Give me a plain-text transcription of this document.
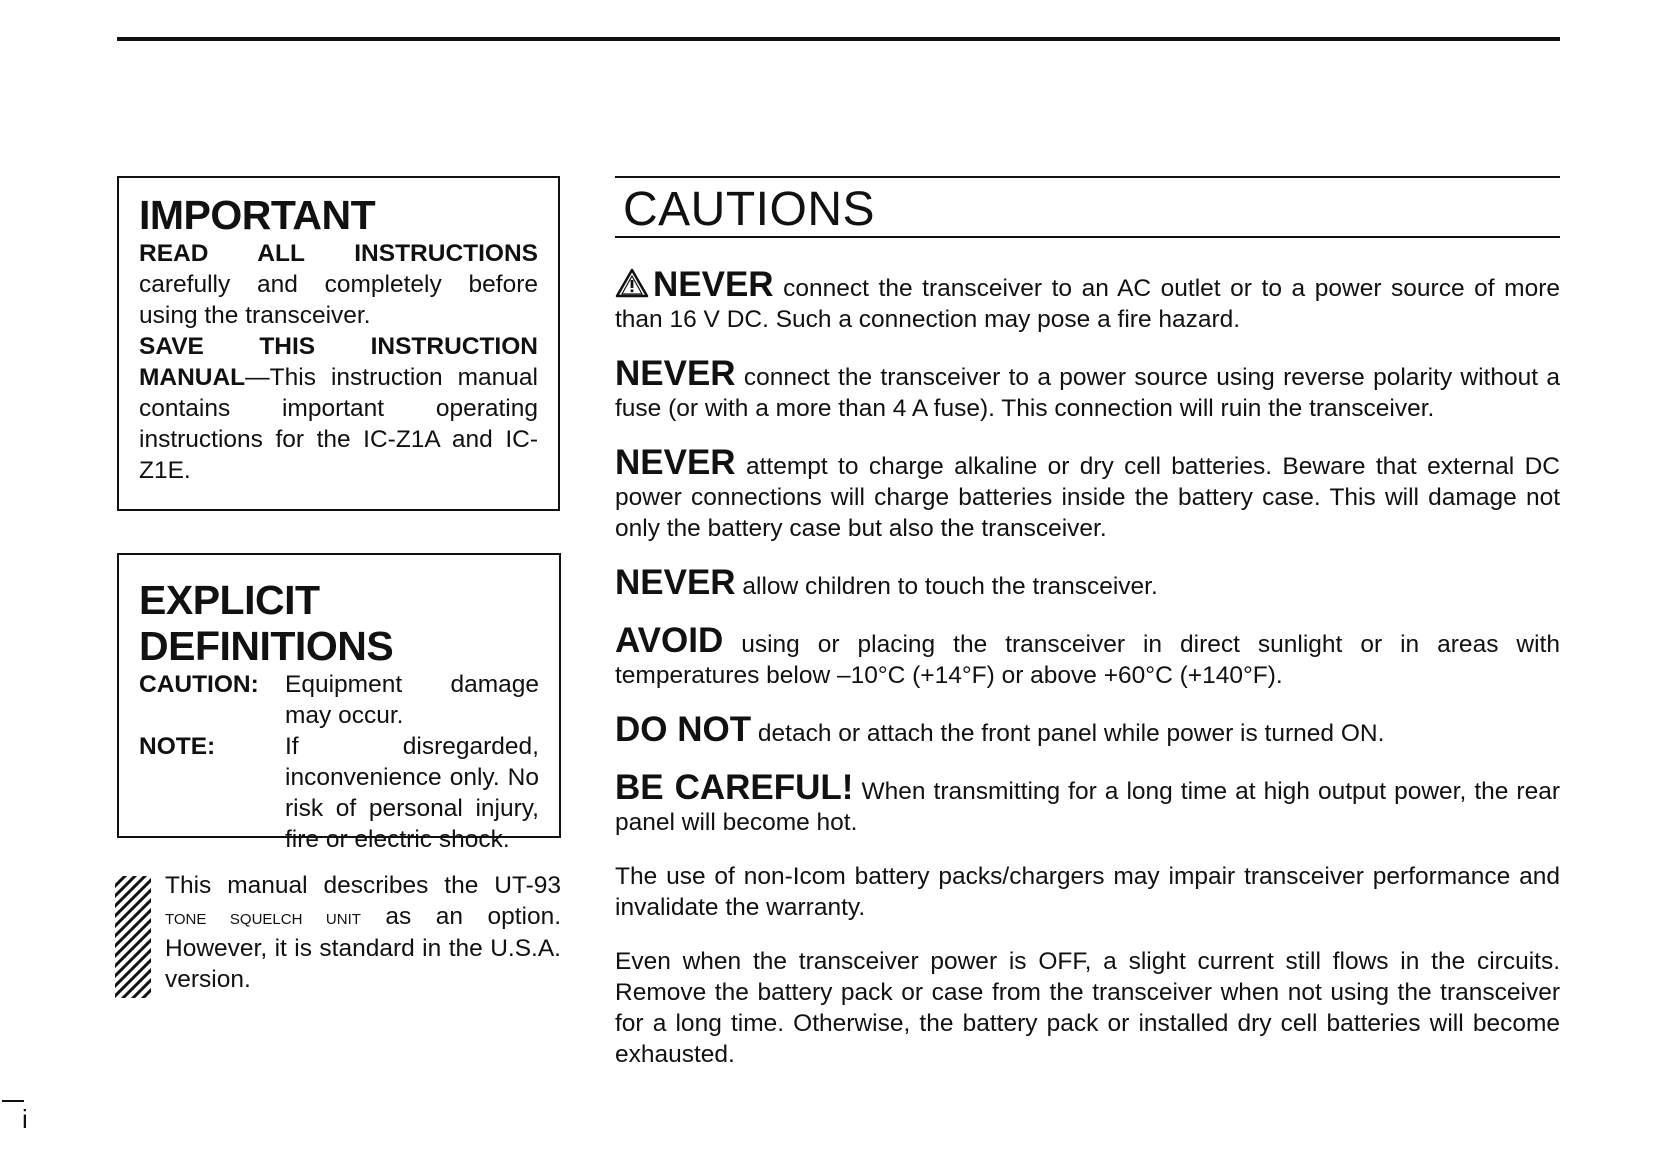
IMPORTANT
READ ALL INSTRUCTIONS carefully and completely before using the transceiver.
SAVE THIS INSTRUCTION MANUAL—This instruction manual contains important operating instructions for the IC-Z1A and IC-Z1E.
EXPLICIT DEFINITIONS
CAUTION:	Equipment damage may occur.
NOTE:	If disregarded, inconvenience only. No risk of personal injury, fire or electric shock.
This manual describes the UT-93 tone squelch unit as an option. However, it is standard in the U.S.A. version.
CAUTIONS
NEVER connect the transceiver to an AC outlet or to a power source of more than 16 V DC. Such a connection may pose a fire hazard.
NEVER connect the transceiver to a power source using reverse polarity without a fuse (or with a more than 4 A fuse). This connection will ruin the transceiver.
NEVER attempt to charge alkaline or dry cell batteries. Beware that external DC power connections will charge batteries inside the battery case. This will damage not only the battery case but also the transceiver.
NEVER allow children to touch the transceiver.
AVOID using or placing the transceiver in direct sunlight or in areas with temperatures below –10°C (+14°F) or above +60°C (+140°F).
DO NOT detach or attach the front panel while power is turned ON.
BE CAREFUL! When transmitting for a long time at high output power, the rear panel will become hot.
The use of non-Icom battery packs/chargers may impair transceiver performance and invalidate the warranty.
Even when the transceiver power is OFF, a slight current still flows in the circuits. Remove the battery pack or case from the transceiver when not using the transceiver for a long time. Otherwise, the battery pack or installed dry cell batteries will become exhausted.
i
